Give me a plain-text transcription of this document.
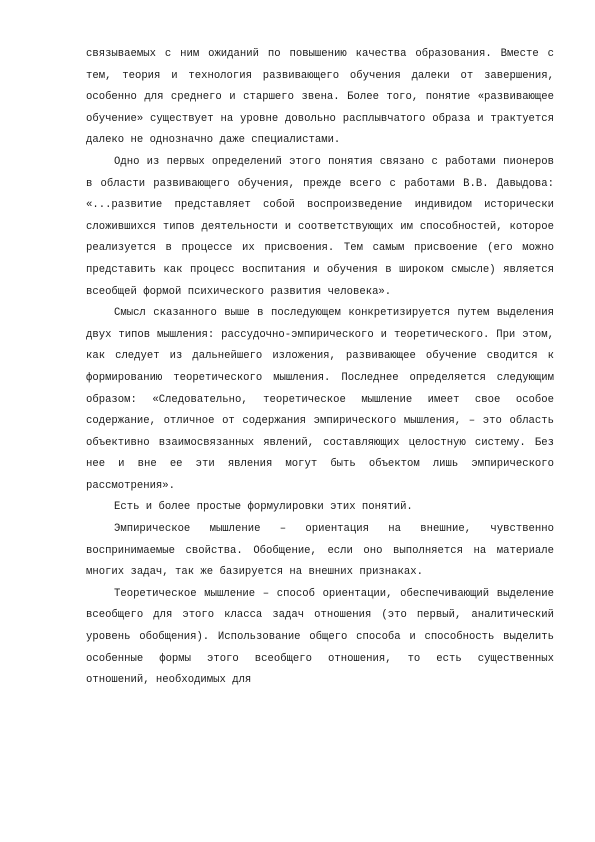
связываемых с ним ожиданий по повышению качества образования. Вместе с тем, теория и технология развивающего обучения далеки от завершения, особенно для среднего и старшего звена. Более того, понятие «развивающее обучение» существует на уровне довольно расплывчатого образа и трактуется далеко не однозначно даже специалистами.

Одно из первых определений этого понятия связано с работами пионеров в области развивающего обучения, прежде всего с работами В.В. Давыдова: «...развитие представляет собой воспроизведение индивидом исторически сложившихся типов деятельности и соответствующих им способностей, которое реализуется в процессе их присвоения. Тем самым присвоение (его можно представить как процесс воспитания и обучения в широком смысле) является всеобщей формой психического развития человека».

Смысл сказанного выше в последующем конкретизируется путем выделения двух типов мышления: рассудочно-эмпирического и теоретического. При этом, как следует из дальнейшего изложения, развивающее обучение сводится к формированию теоретического мышления. Последнее определяется следующим образом: «Следовательно, теоретическое мышление имеет свое особое содержание, отличное от содержания эмпирического мышления, – это область объективно взаимосвязанных явлений, составляющих целостную систему. Без нее и вне ее эти явления могут быть объектом лишь эмпирического рассмотрения».

Есть и более простые формулировки этих понятий.

Эмпирическое мышление – ориентация на внешние, чувственно воспринимаемые свойства. Обобщение, если оно выполняется на материале многих задач, так же базируется на внешних признаках.

Теоретическое мышление – способ ориентации, обеспечивающий выделение всеобщего для этого класса задач отношения (это первый, аналитический уровень обобщения). Использование общего способа и способность выделить особенные формы этого всеобщего отношения, то есть существенных отношений, необходимых для
